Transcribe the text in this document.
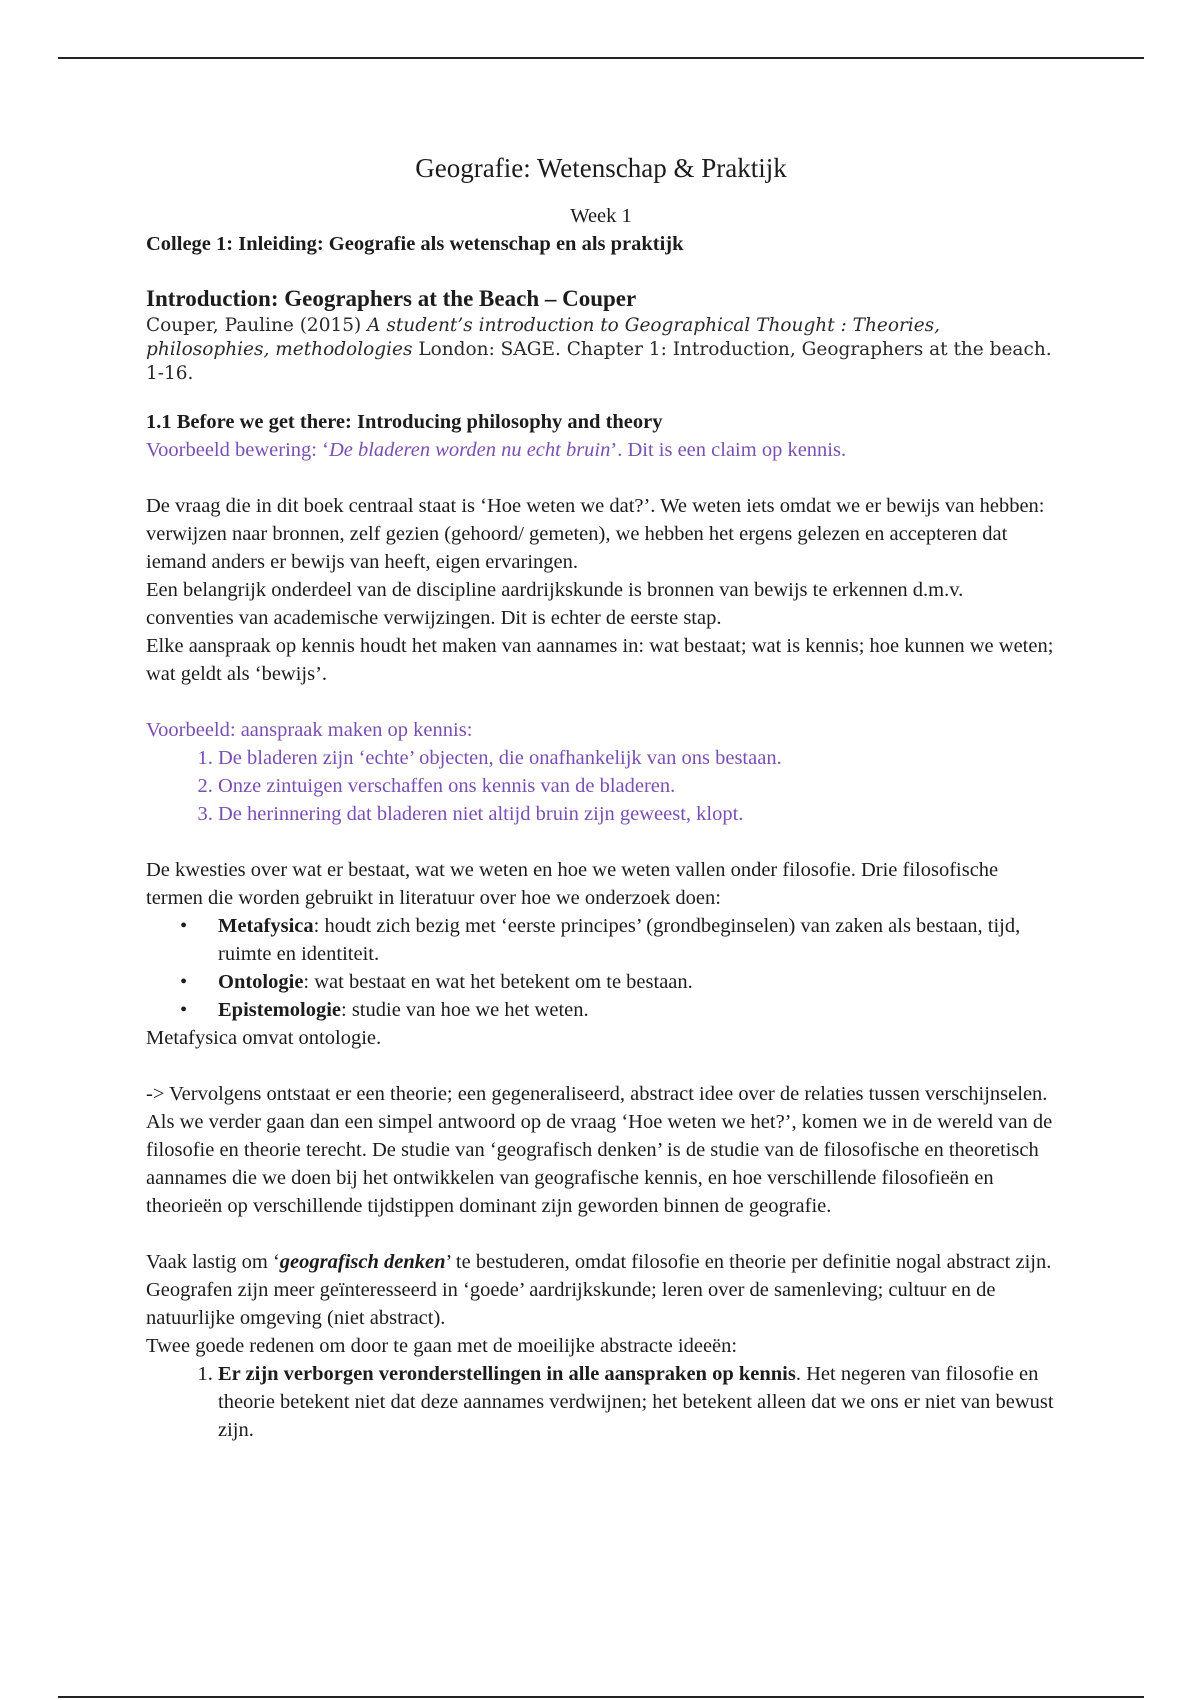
Geografie: Wetenschap & Praktijk
Week 1
College 1: Inleiding: Geografie als wetenschap en als praktijk
Introduction: Geographers at the Beach – Couper
Couper, Pauline (2015) A student’s introduction to Geographical Thought : Theories, philosophies, methodologies London: SAGE. Chapter 1: Introduction, Geographers at the beach. 1-16.
1.1 Before we get there: Introducing philosophy and theory

Voorbeeld bewering: ‘De bladeren worden nu echt bruin’. Dit is een claim op kennis.

De vraag die in dit boek centraal staat is ‘Hoe weten we dat?’. We weten iets omdat we er bewijs van hebben: verwijzen naar bronnen, zelf gezien (gehoord/ gemeten), we hebben het ergens gelezen en accepteren dat iemand anders er bewijs van heeft, eigen ervaringen.

Een belangrijk onderdeel van de discipline aardrijkskunde is bronnen van bewijs te erkennen d.m.v. conventies van academische verwijzingen. Dit is echter de eerste stap.

Elke aanspraak op kennis houdt het maken van aannames in: wat bestaat; wat is kennis; hoe kunnen we weten; wat geldt als ‘bewijs’.

Voorbeeld: aanspraak maken op kennis:

1. De bladeren zijn ‘echte’ objecten, die onafhankelijk van ons bestaan.
2. Onze zintuigen verschaffen ons kennis van de bladeren.
3. De herinnering dat bladeren niet altijd bruin zijn geweest, klopt.

De kwesties over wat er bestaat, wat we weten en hoe we weten vallen onder filosofie. Drie filosofische termen die worden gebruikt in literatuur over hoe we onderzoek doen:

• Metafysica: houdt zich bezig met ‘eerste principes’ (grondbeginselen) van zaken als bestaan, tijd, ruimte en identiteit.
• Ontologie: wat bestaat en wat het betekent om te bestaan.
• Epistemologie: studie van hoe we het weten.

Metafysica omvat ontologie.

-> Vervolgens ontstaat er een theorie; een gegeneraliseerd, abstract idee over de relaties tussen verschijnselen.

Als we verder gaan dan een simpel antwoord op de vraag ‘Hoe weten we het?’, komen we in de wereld van de filosofie en theorie terecht. De studie van ‘geografisch denken’ is de studie van de filosofische en theoretisch aannames die we doen bij het ontwikkelen van geografische kennis, en hoe verschillende filosofieën en theorieën op verschillende tijdstippen dominant zijn geworden binnen de geografie.

Vaak lastig om ‘geografisch denken’ te bestuderen, omdat filosofie en theorie per definitie nogal abstract zijn. Geografen zijn meer geïnteresseerd in ‘goede’ aardrijkskunde; leren over de samenleving; cultuur en de natuurlijke omgeving (niet abstract).

Twee goede redenen om door te gaan met de moeilijke abstracte ideeën:

1. Er zijn verborgen veronderstellingen in alle aanspraken op kennis. Het negeren van filosofie en theorie betekent niet dat deze aannames verdwijnen; het betekent alleen dat we ons er niet van bewust zijn.
